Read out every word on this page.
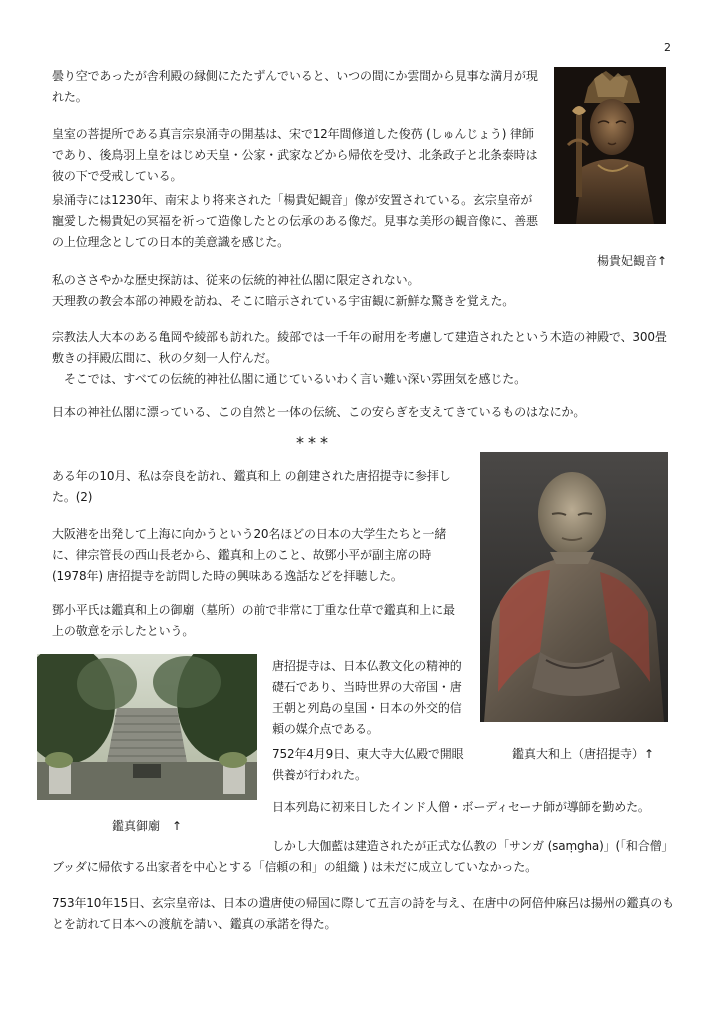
2

曇り空であったが舎利殿の縁側にたたずんでいると、いつの間にか雲間から見事な満月が現れた。

皇室の菩提所である真言宗泉涌寺の開基は、宋で12年間修道した俊芿 (しゅんじょう) 律師であり、後鳥羽上皇をはじめ天皇・公家・武家などから帰依を受け、北条政子と北条泰時は彼の下で受戒している。

泉涌寺には1230年、南宋より将来された「楊貴妃観音」像が安置されている。玄宗皇帝が寵愛した楊貴妃の冥福を祈って造像したとの伝承のある像だ。見事な美形の観音像に、善悪の上位理念としての日本的美意識を感じた。

楊貴妃観音↑

私のささやかな歴史探訪は、従来の伝統的神社仏閣に限定されない。

天理教の教会本部の神殿を訪ね、そこに暗示されている宇宙観に新鮮な驚きを覚えた。

宗教法人大本のある亀岡や綾部も訪れた。綾部では一千年の耐用を考慮して建造されたという木造の神殿で、300畳敷きの拝殿広間に、秋の夕刻一人佇んだ。

そこでは、すべての伝統的神社仏閣に通じているいわく言い難い深い雰囲気を感じた。

日本の神社仏閣に漂っている、この自然と一体の伝統、この安らぎを支えてきているものはなにか。

***

ある年の10月、私は奈良を訪れ、鑑真和上 の創建された唐招提寺に参拝した。(2)

大阪港を出発して上海に向かうという20名ほどの日本の大学生たちと一緒に、律宗管長の西山長老から、鑑真和上のこと、故鄧小平が副主席の時(1978年) 唐招提寺を訪問した時の興味ある逸話などを拝聴した。

鄧小平氏は鑑真和上の御廟（墓所）の前で非常に丁重な仕草で鑑真和上に最上の敬意を示したという。

鑑真御廟　↑

唐招提寺は、日本仏教文化の精神的礎石であり、当時世界の大帝国・唐王朝と列島の皇国・日本の外交的信頼の媒介点である。

752年4月9日、東大寺大仏殿で開眼供養が行われた。

鑑真大和上（唐招提寺）↑

日本列島に初来日したインド人僧・ボーディセーナ師が導師を勤めた。

しかし大伽藍は建造されたが正式な仏教の「サンガ (saṃgha)」(「和合僧」

ブッダに帰依する出家者を中心とする「信頼の和」の組織 ) は未だに成立していなかった。

753年10年15日、玄宗皇帝は、日本の遣唐使の帰国に際して五言の詩を与え、在唐中の阿倍仲麻呂は揚州の鑑真のもとを訪れて日本への渡航を請い、鑑真の承諾を得た。
